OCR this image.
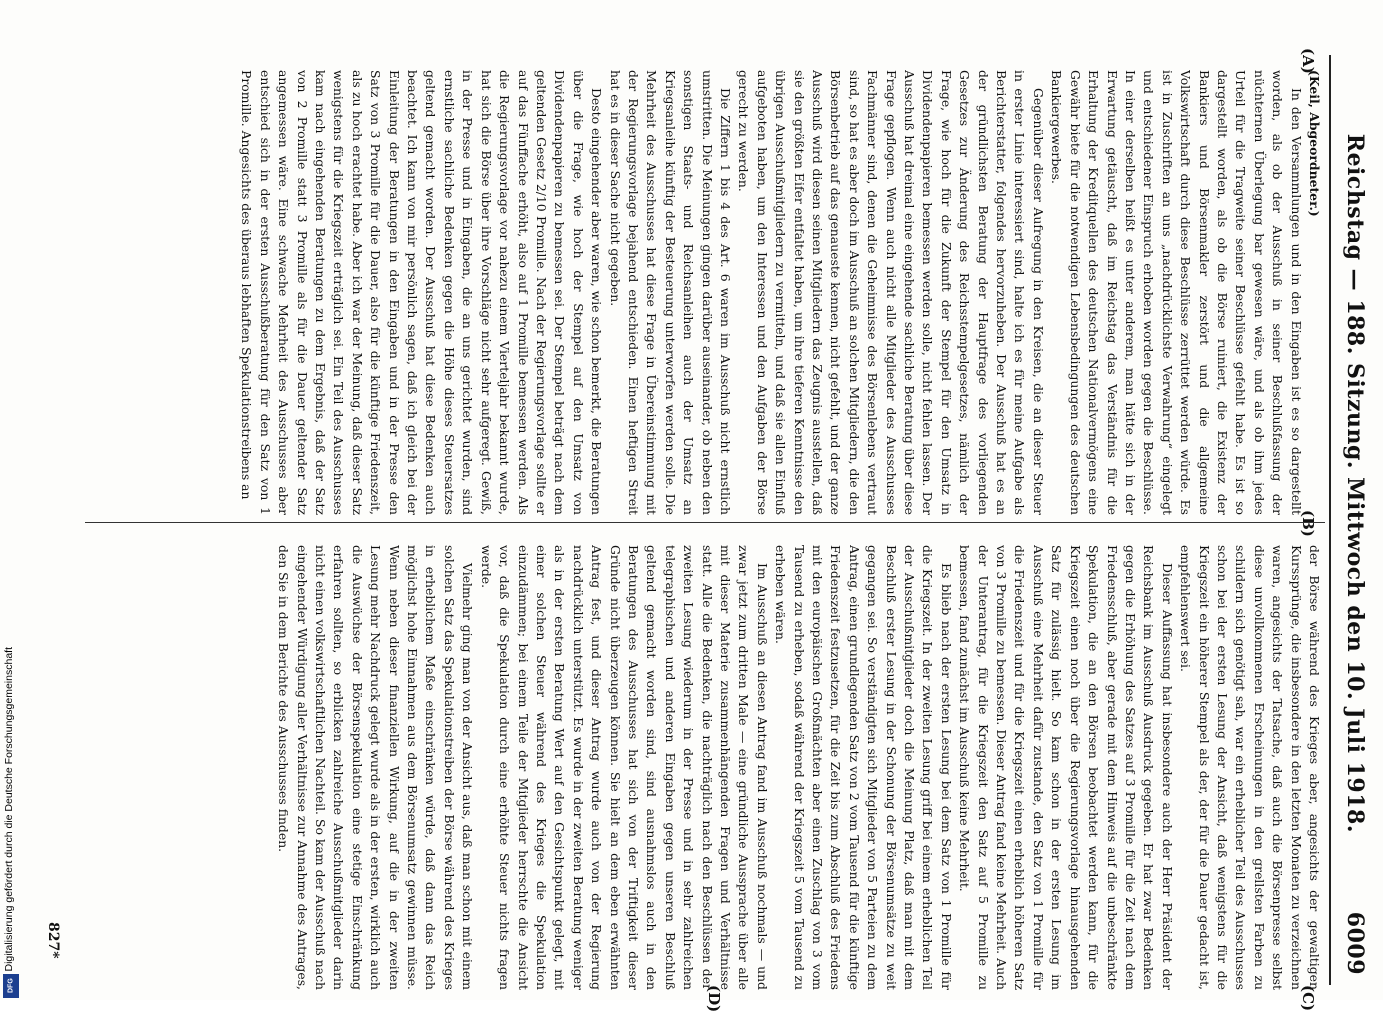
Reichstag — 188. Sitzung. Mittwoch den 10. Juli 1918.
6009
(A)
(B)
(C)
(D)

(Keil, Abgeordneter.)

In den Versammlungen und in den Eingaben ist es so dargestellt worden, als ob der Ausschuß in seiner Beschlußfassung der nüchternen Überlegung bar gewesen wäre, und als ob ihm jedes Urteil für die Tragweite seiner Beschlüsse gefehlt habe. Es ist so dargestellt worden, als ob die Börse ruiniert, die Existenz der Bankiers und Börsenmakler zerstört und die allgemeine Volkswirtschaft durch diese Beschlüsse zerrüttet werden würde. Es ist in Zuschriften an uns „nachdrücklichste Verwahrung“ eingelegt und entschiedener Einspruch erhoben worden gegen die Beschlüsse. In einer derselben heißt es unter anderem, man hätte sich in der Erwartung getäuscht, daß im Reichstag das Verständnis für die Erhaltung der Kreditquellen des deutschen Nationalvermögens eine Gewähr biete für die notwendigen Lebensbedingungen des deutschen Bankiergewerbes.

Gegenüber dieser Aufregung in den Kreisen, die an dieser Steuer in erster Linie interessiert sind, halte ich es für meine Aufgabe als Berichterstatter, folgendes hervorzuheben. Der Ausschuß hat es an der gründlichsten Beratung der Hauptfrage des vorliegenden Gesetzes zur Änderung des Reichsstempelgesetzes, nämlich der Frage, wie hoch für die Zukunft der Stempel für den Umsatz in Dividendenpapieren bemessen werden solle, nicht fehlen lassen. Der Ausschuß hat dreimal eine eingehende sachliche Beratung über diese Frage gepflogen. Wenn auch nicht alle Mitglieder des Ausschusses Fachmänner sind, denen die Geheimnisse des Börsenlebens vertraut sind, so hat es aber doch im Ausschuß an solchen Mitgliedern, die den Börsenbetrieb auf das genaueste kennen, nicht gefehlt, und der ganze Ausschuß wird diesen seinen Mitgliedern das Zeugnis ausstellen, daß sie den größten Eifer entfaltet haben, um ihre tieferen Kenntnisse den übrigen Ausschußmitgliedern zu vermitteln, und daß sie allen Einfluß aufgeboten haben, um den Interessen und den Aufgaben der Börse gerecht zu werden.

Die Ziffern 1 bis 4 des Art. 6 waren im Ausschuß nicht ernstlich umstritten. Die Meinungen gingen darüber auseinander, ob neben den sonstigen Staats- und Reichsanleihen auch der Umsatz an Kriegsanleihe künftig der Besteuerung unterworfen werden solle. Die Mehrheit des Ausschusses hat diese Frage in Übereinstimmung mit der Regierungsvorlage bejahend entschieden. Einen heftigen Streit hat es in dieser Sache nicht gegeben.

Desto eingehender aber waren, wie schon bemerkt, die Beratungen über die Frage, wie hoch der Stempel auf den Umsatz von Dividendenpapieren zu bemessen sei. Der Stempel beträgt nach dem geltenden Gesetz 2/10 Promille. Nach der Regierungsvorlage sollte er auf das Fünffache erhöht, also auf 1 Promille bemessen werden. Als die Regierungsvorlage vor nahezu einem Vierteljahr bekannt wurde, hat sich die Börse über ihre Vorschläge nicht sehr aufgeregt. Gewiß, in der Presse und in Eingaben, die an uns gerichtet wurden, sind ernstliche sachliche Bedenken gegen die Höhe dieses Steuersatzes geltend gemacht worden. Der Ausschuß hat diese Bedenken auch beachtet. Ich kann von mir persönlich sagen, daß ich gleich bei der Einleitung der Beratungen in den Eingaben und in der Presse den Satz von 3 Promille für die Dauer, also für die künftige Friedenszeit, als zu hoch erachtet habe. Aber ich war der Meinung, daß dieser Satz wenigstens für die Kriegszeit erträglich sei. Ein Teil des Ausschusses kam nach eingehenden Beratungen zu dem Ergebnis, daß der Satz von 2 Promille statt 3 Promille als für die Dauer geltender Satz angemessen wäre. Eine schwache Mehrheit des Ausschusses aber entschied sich in der ersten Ausschußberatung für den Satz von 1 Promille. Angesichts des überaus lebhaften Spekulationstreibens an

der Börse während des Krieges aber, angesichts der gewaltigen Kurssprünge, die insbesondere in den letzten Monaten zu verzeichnen waren, angesichts der Tatsache, daß auch die Börsenpresse selbst diese unvollkommenen Erscheinungen in den grellsten Farben zu schildern sich genötigt sah, war ein erheblicher Teil des Ausschusses schon bei der ersten Lesung der Ansicht, daß wenigstens für die Kriegszeit ein höherer Stempel als der, der für die Dauer gedacht ist, empfehlenswert sei.

Dieser Auffassung hat insbesondere auch der Herr Präsident der Reichsbank im Ausschuß Ausdruck gegeben. Er hat zwar Bedenken gegen die Erhöhung des Satzes auf 3 Promille für die Zeit nach dem Friedensschluß, aber gerade mit dem Hinweis auf die unbeschränkte Spekulation, die an den Börsen beobachtet werden kann, für die Kriegszeit einen noch über die Regierungsvorlage hinausgehenden Satz für zulässig hielt. So kam schon in der ersten Lesung im Ausschuß eine Mehrheit dafür zustande, den Satz von 1 Promille für die Friedenszeit und für die Kriegszeit einen erheblich höheren Satz von 3 Promille zu bemessen. Dieser Antrag fand keine Mehrheit. Auch der Unterantrag, für die Kriegszeit den Satz auf 5 Promille zu bemessen, fand zunächst im Ausschuß keine Mehrheit.

Es blieb nach der ersten Lesung bei dem Satz von 1 Promille für die Kriegszeit. In der zweiten Lesung griff bei einem erheblichen Teil der Ausschußmitglieder doch die Meinung Platz, daß man mit dem Beschluß erster Lesung in der Schonung der Börsenumsätze zu weit gegangen sei. So verständigten sich Mitglieder von 5 Parteien zu dem Antrag, einen grundlegenden Satz von 2 vom Tausend für die künftige Friedenszeit festzusetzen, für die Zeit bis zum Abschluß des Friedens mit den europäischen Großmächten aber einen Zuschlag von 3 vom Tausend zu erheben, sodaß während der Kriegszeit 5 vom Tausend zu erheben wären.

Im Ausschuß an diesen Antrag fand im Ausschuß nochmals — und zwar jetzt zum dritten Male — eine gründliche Aussprache über alle mit dieser Materie zusammenhängenden Fragen und Verhältnisse statt. Alle die Bedenken, die nachträglich nach den Beschlüssen der zweiten Lesung wiederum in der Presse und in sehr zahlreichen telegraphischen und anderen Eingaben gegen unseren Beschluß geltend gemacht worden sind, sind ausnahmslos auch in den Beratungen des Ausschusses hat sich von der Triftigkeit dieser Gründe nicht überzeugen können. Sie hielt an dem eben erwähnten Antrag fest, und dieser Antrag wurde auch von der Regierung nachdrücklich unterstützt. Es wurde in der zweiten Beratung weniger als in der ersten Beratung Wert auf den Gesichtspunkt gelegt, mit einer solchen Steuer während des Krieges die Spekulation einzudämmen; bei einem Teile der Mitglieder herrschte die Ansicht vor, daß die Spekulation durch eine erhöhte Steuer nichts fragen werde.

Vielmehr ging man von der Ansicht aus, daß man schon mit einem solchen Satz das Spekulationstreiben der Börse während des Krieges in erheblichem Maße einschränken würde, daß dann das Reich möglichst hohe Einnahmen aus dem Börsenumsatz gewinnen müsse. Wenn neben dieser finanziellen Wirkung, auf die in der zweiten Lesung mehr Nachdruck gelegt wurde als in der ersten, wirklich auch die Auswüchse der Börsenspekulation eine stetige Einschränkung erfahren sollten, so erblicken zahlreiche Ausschußmitglieder darin nicht einen volkswirtschaftlichen Nachteil. So kam der Ausschuß nach eingehender Würdigung aller Verhältnisse zur Annahme des Antrages, den Sie in dem Berichte des Ausschusses finden.

827*
Digitalisierung gefördert durch die Deutsche Forschungsgemeinschaft
DFG
